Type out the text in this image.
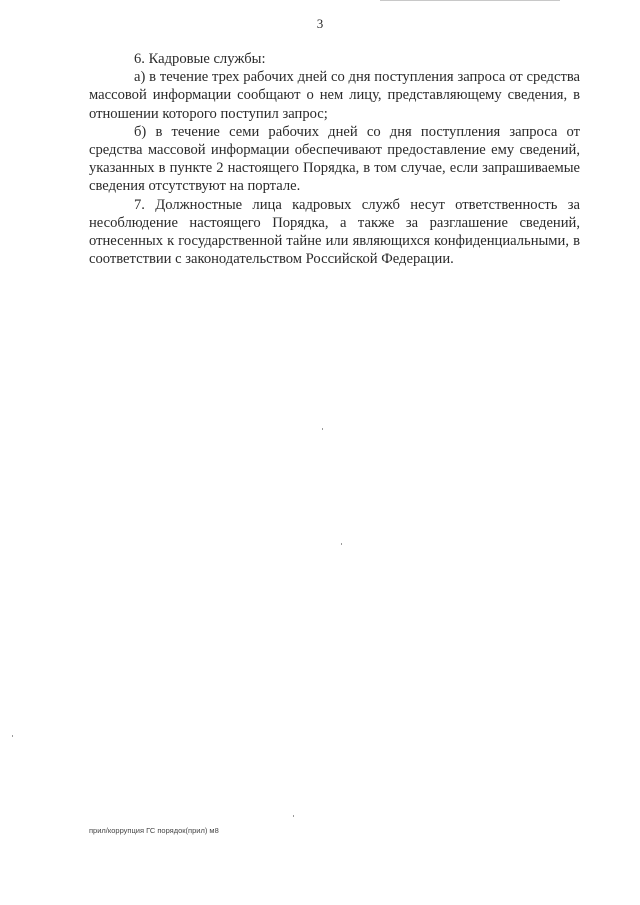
3

6. Кадровые службы:

а) в течение трех рабочих дней со дня поступления запроса от средства массовой информации сообщают о нем лицу, представляющему сведения, в отношении которого поступил запрос;

б) в течение семи рабочих дней со дня поступления запроса от средства массовой информации обеспечивают предоставление ему сведений, указанных в пункте 2 настоящего Порядка, в том случае, если запрашиваемые сведения отсутствуют на портале.

7. Должностные лица кадровых служб несут ответственность за несоблюдение настоящего Порядка, а также за разглашение сведений, отнесенных к государственной тайне или являющихся конфиденциальными, в соответствии с законодательством Российской Федерации.

прил/коррупция ГС порядок(прил) м8
